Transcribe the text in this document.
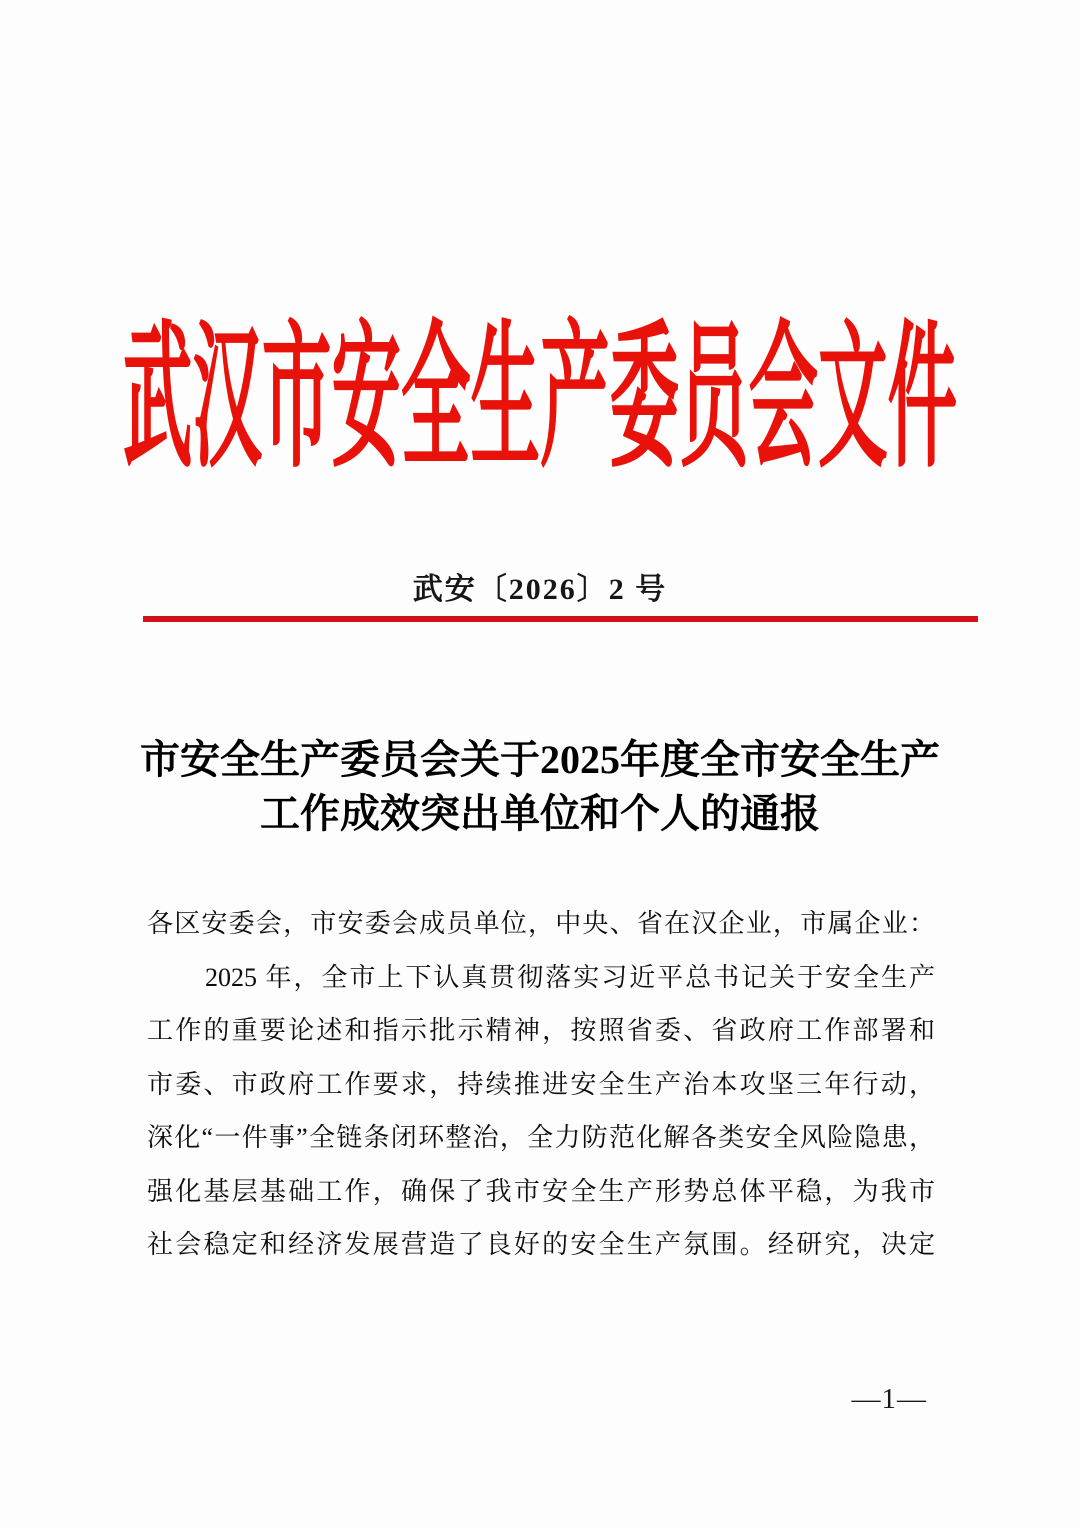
武汉市安全生产委员会文件
武安〔2026〕2 号
市安全生产委员会关于2025年度全市安全生产
工作成效突出单位和个人的通报
各区安委会，市安委会成员单位，中央、省在汉企业，市属企业：
2025 年，全市上下认真贯彻落实习近平总书记关于安全生产
工作的重要论述和指示批示精神，按照省委、省政府工作部署和
市委、市政府工作要求，持续推进安全生产治本攻坚三年行动，
深化“一件事”全链条闭环整治，全力防范化解各类安全风险隐患，
强化基层基础工作，确保了我市安全生产形势总体平稳，为我市
社会稳定和经济发展营造了良好的安全生产氛围。经研究，决定
—1—
